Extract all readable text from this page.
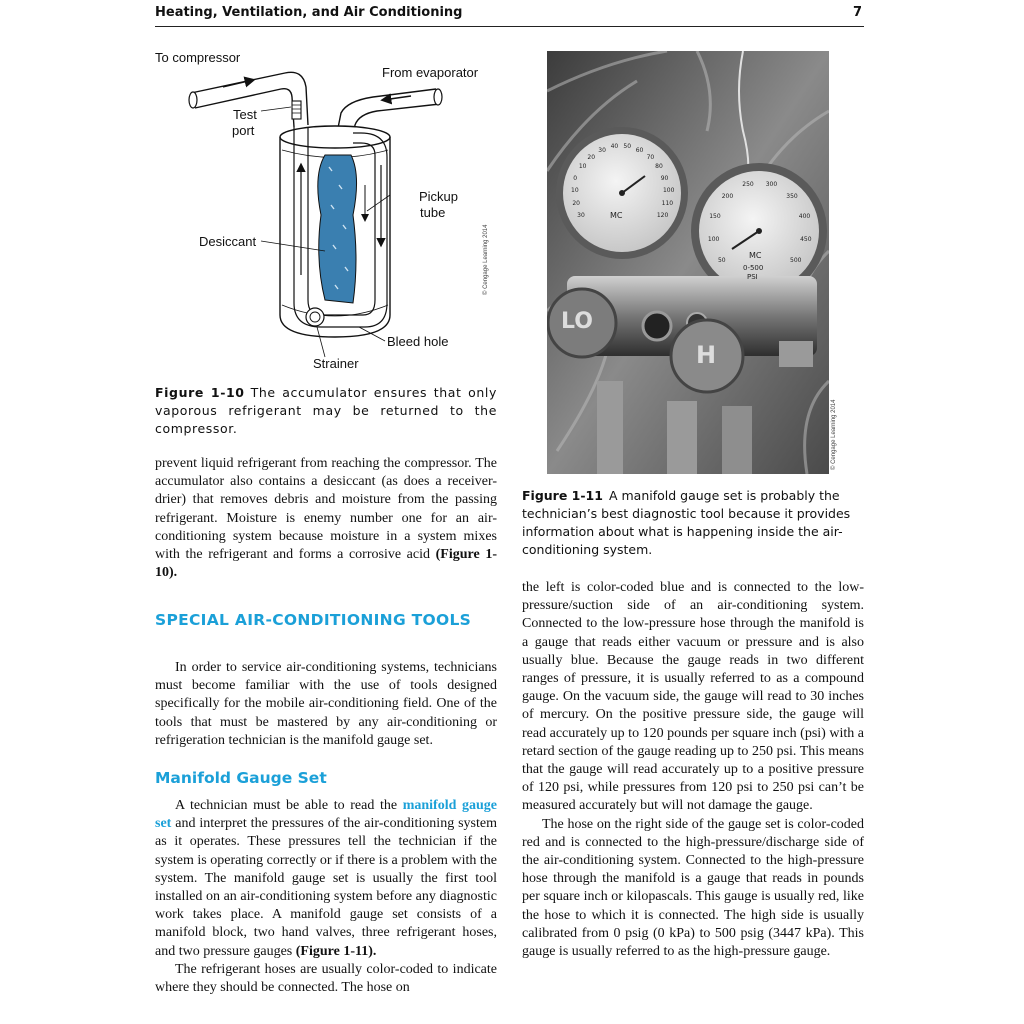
Heating, Ventilation, and Air Conditioning	7
To compressor
From evaporator
Test
port
Pickup
tube
Desiccant
Bleed hole
Strainer
© Cengage Learning 2014
Figure 1-10 The accumulator ensures that only vaporous refrigerant may be returned to the compressor.

prevent liquid refrigerant from reaching the compressor. The accumulator also contains a desiccant (as does a receiver-drier) that removes debris and moisture from the passing refrigerant. Moisture is enemy number one for an air-conditioning system because moisture in a system mixes with the refrigerant and forms a corrosive acid (Figure 1-10).

SPECIAL AIR-CONDITIONING TOOLS

In order to service air-conditioning systems, technicians must become familiar with the use of tools designed specifically for the mobile air-conditioning field. One of the tools that must be mastered by any air-conditioning or refrigeration technician is the manifold gauge set.

Manifold Gauge Set

A technician must be able to read the manifold gauge set and interpret the pressures of the air-conditioning system as it operates. These pressures tell the technician if the system is operating correctly or if there is a problem with the system. The manifold gauge set is usually the first tool installed on an air-conditioning system before any diagnostic work takes place. A manifold gauge set consists of a manifold block, two hand valves, three refrigerant hoses, and two pressure gauges (Figure 1-11).

The refrigerant hoses are usually color-coded to indicate where they should be connected. The hose on

© Cengage Learning 2014
30
20
10
0
10
20
30
40 50
60
70
80
90
100
110
120
50
100
150
200
250 300
350
400
450
500
MC
MC
0-500
PSI
LO
H
Figure 1-11 A manifold gauge set is probably the technician’s best diagnostic tool because it provides information about what is happening inside the air-conditioning system.

the left is color-coded blue and is connected to the low-pressure/suction side of an air-conditioning system. Connected to the low-pressure hose through the manifold is a gauge that reads either vacuum or pressure and is also usually blue. Because the gauge reads in two different ranges of pressure, it is usually referred to as a compound gauge. On the vacuum side, the gauge will read to 30 inches of mercury. On the positive pressure side, the gauge will read accurately up to 120 pounds per square inch (psi) with a retard section of the gauge reading up to 250 psi. This means that the gauge will read accurately up to a positive pressure of 120 psi, while pressures from 120 psi to 250 psi can’t be measured accurately but will not damage the gauge.

The hose on the right side of the gauge set is color-coded red and is connected to the high-pressure/discharge side of the air-conditioning system. Connected to the high-pressure hose through the manifold is a gauge that reads in pounds per square inch or kilopascals. This gauge is usually red, like the hose to which it is connected. The high side is usually calibrated from 0 psig (0 kPa) to 500 psig (3447 kPa). This gauge is usually referred to as the high-pressure gauge.
